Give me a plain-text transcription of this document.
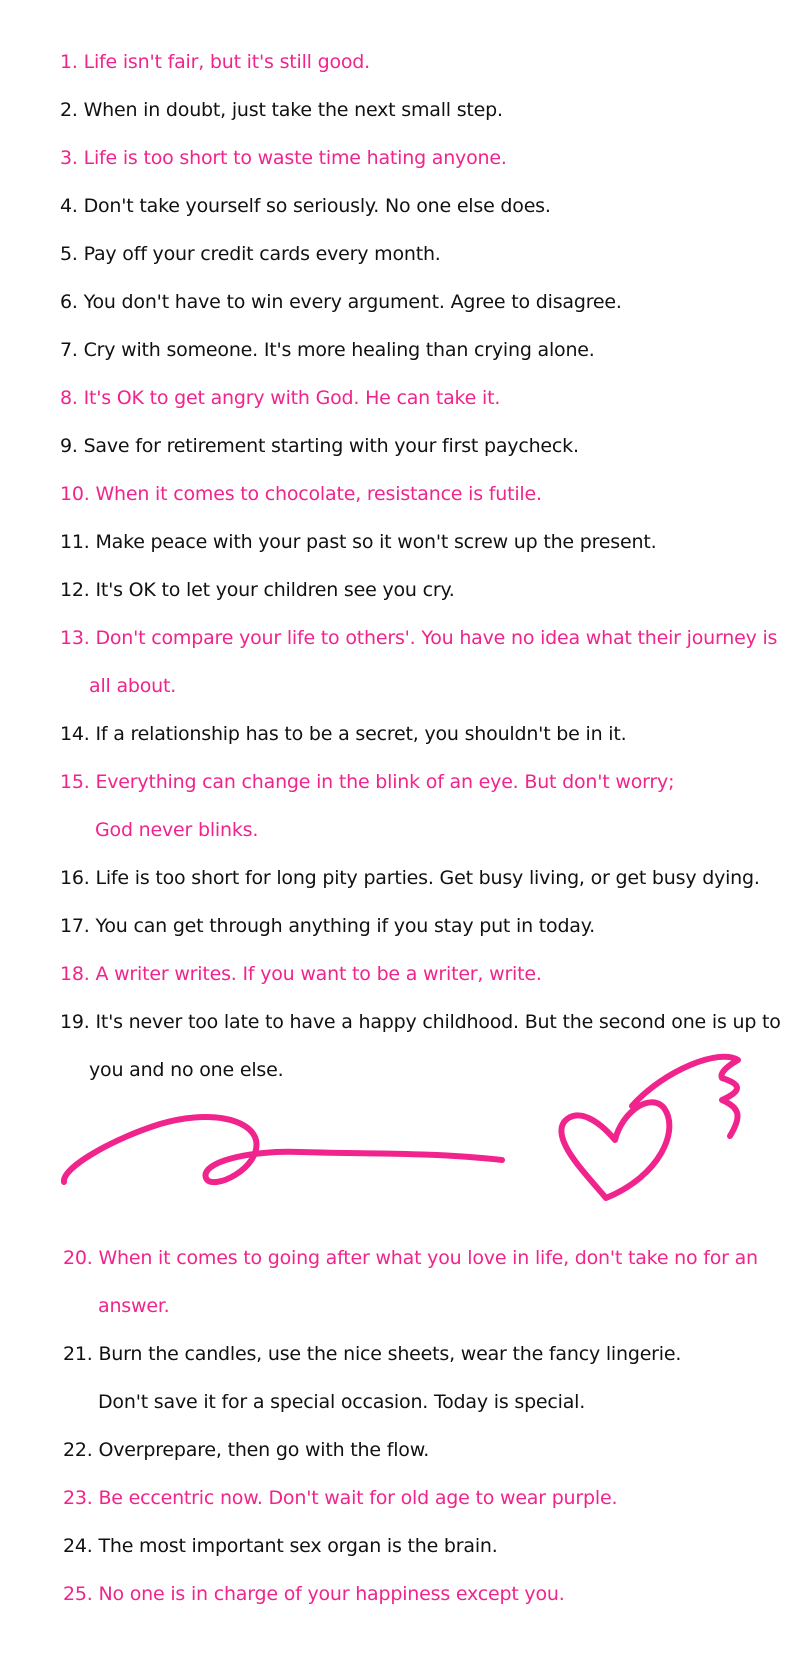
1. Life isn't fair, but it's still good.
2. When in doubt, just take the next small step.
3. Life is too short to waste time hating anyone.
4. Don't take yourself so seriously. No one else does.
5. Pay off your credit cards every month.
6. You don't have to win every argument. Agree to disagree.
7. Cry with someone. It's more healing than crying alone.
8. It's OK to get angry with God. He can take it.
9. Save for retirement starting with your first paycheck.
10. When it comes to chocolate, resistance is futile.
11. Make peace with your past so it won't screw up the present.
12. It's OK to let your children see you cry.
13. Don't compare your life to others'. You have no idea what their journey is
all about.
14. If a relationship has to be a secret, you shouldn't be in it.
15. Everything can change in the blink of an eye. But don't worry;
God never blinks.
16. Life is too short for long pity parties. Get busy living, or get busy dying.
17. You can get through anything if you stay put in today.
18. A writer writes. If you want to be a writer, write.
19. It's never too late to have a happy childhood. But the second one is up to
you and no one else.
20. When it comes to going after what you love in life, don't take no for an
answer.
21. Burn the candles, use the nice sheets, wear the fancy lingerie.
Don't save it for a special occasion. Today is special.
22. Overprepare, then go with the flow.
23. Be eccentric now. Don't wait for old age to wear purple.
24. The most important sex organ is the brain.
25. No one is in charge of your happiness except you.
